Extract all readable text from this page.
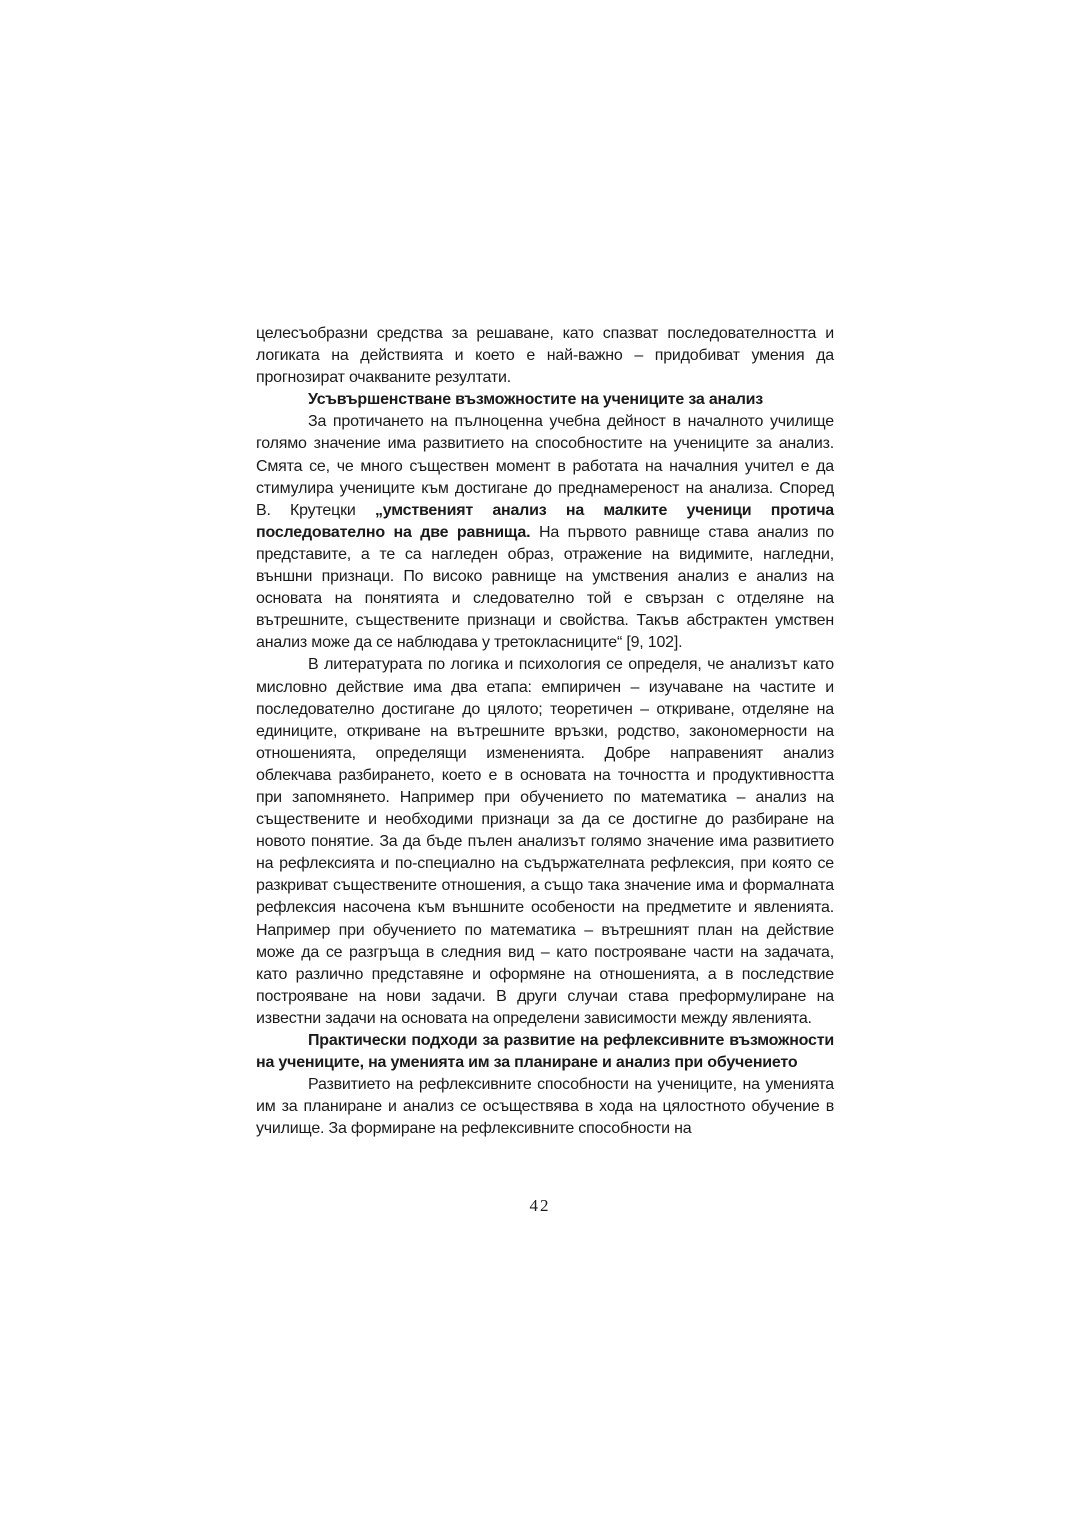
целесъобразни средства за решаване, като спазват последователността и логиката на действията и което е най-важно – придобиват умения да прогнозират очакваните резултати.

Усъвършенстване възможностите на учениците за анализ

За протичането на пълноценна учебна дейност в началното училище голямо значение има развитието на способностите на учениците за анализ. Смята се, че много съществен момент в работата на началния учител е да стимулира учениците към достигане до преднамереност на анализа. Според В. Крутецки „умственият анализ на малките ученици протича последователно на две равнища. На първото равнище става анализ по представите, а те са нагледен образ, отражение на видимите, нагледни, външни признаци. По високо равнище на умствения анализ е анализ на основата на понятията и следователно той е свързан с отделяне на вътрешните, съществените признаци и свойства. Такъв абстрактен умствен анализ може да се наблюдава у третокласниците“ [9, 102].

В литературата по логика и психология се определя, че анализът като мисловно действие има два етапа: емпиричен – изучаване на частите и последователно достигане до цялото; теоретичен – откриване, отделяне на единиците, откриване на вътрешните връзки, родство, закономерности на отношенията, определящи измененията. Добре направеният анализ облекчава разбирането, което е в основата на точността и продуктивността при запомнянето. Например при обучението по математика – анализ на съществените и необходими признаци за да се достигне до разбиране на новото понятие. За да бъде пълен анализът голямо значение има развитието на рефлексията и по-специално на съдържателната рефлексия, при която се разкриват съществените отношения, а също така значение има и формалната рефлексия насочена към външните особености на предметите и явленията. Например при обучението по математика – вътрешният план на действие може да се разгръща в следния вид – като построяване части на задачата, като различно представяне и оформяне на отношенията, а в последствие построяване на нови задачи. В други случаи става преформулиране на известни задачи на основата на определени зависимости между явленията.

Практически подходи за развитие на рефлексивните възможности на учениците, на уменията им за планиране и анализ при обучението

Развитието на рефлексивните способности на учениците, на уменията им за планиране и анализ се осъществява в хода на цялостното обучение в училище. За формиране на рефлексивните способности на

42
